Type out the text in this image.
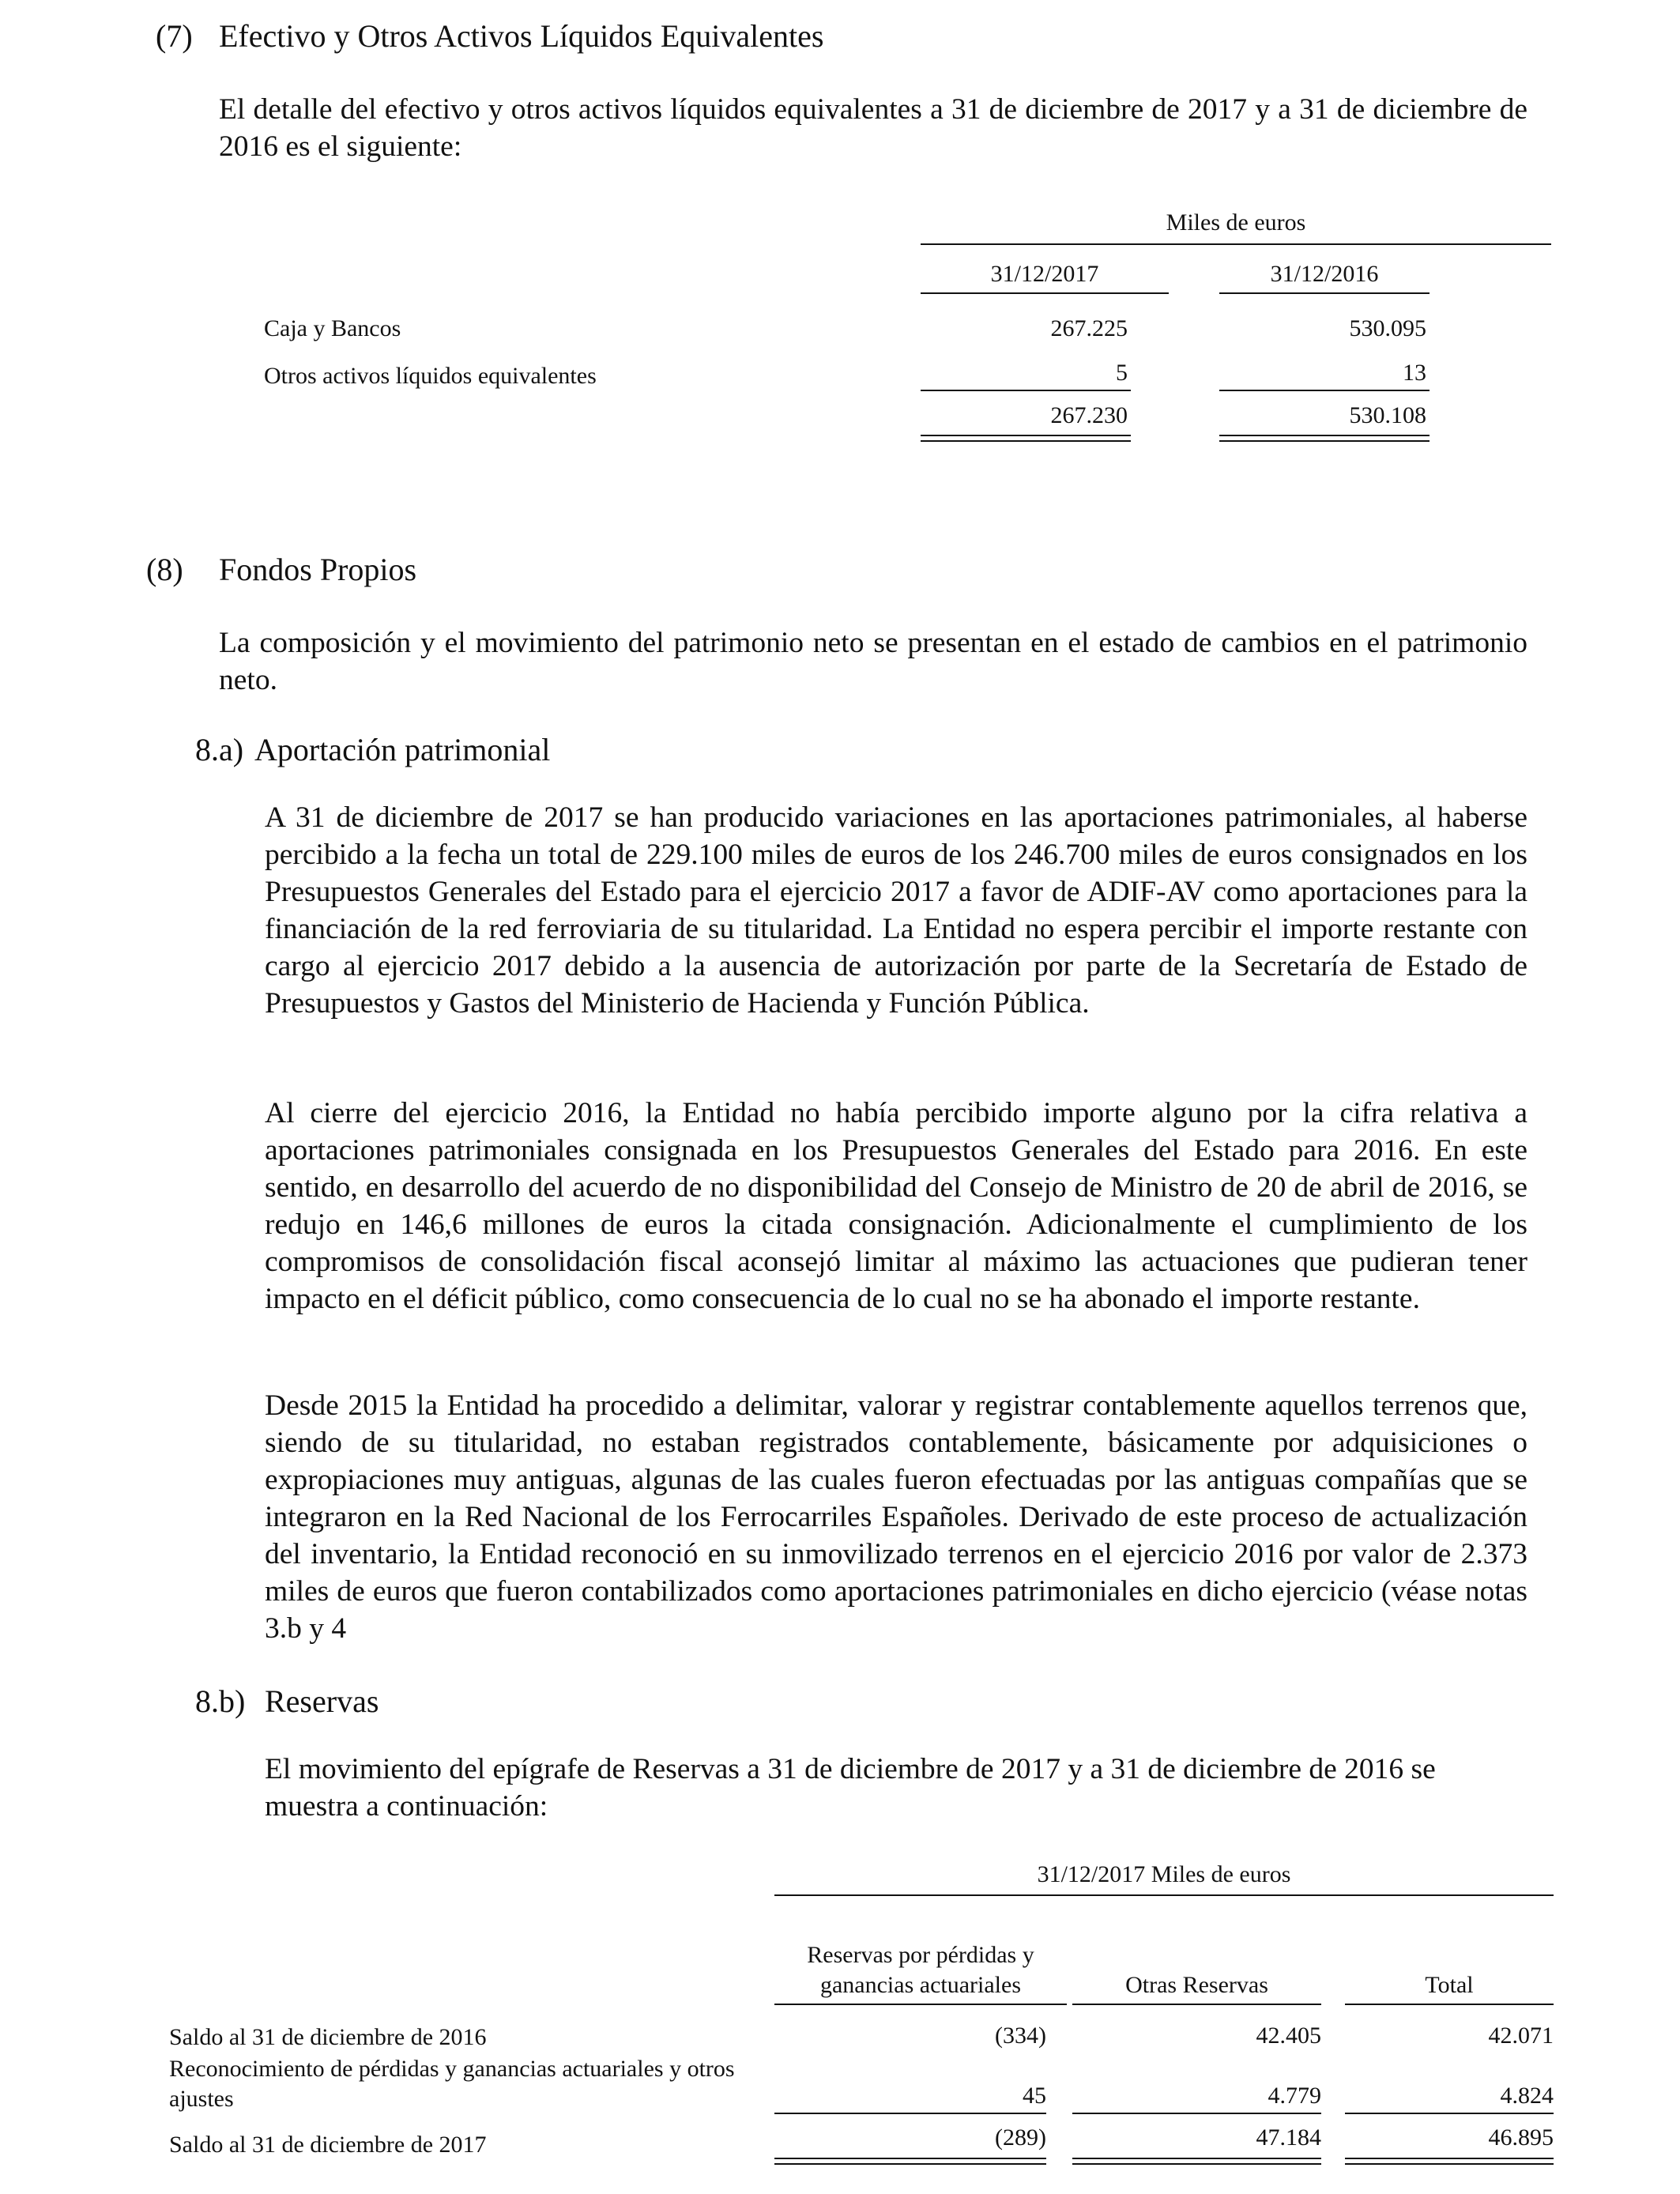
(7) Efectivo y Otros Activos Líquidos Equivalentes
El detalle del efectivo y otros activos líquidos equivalentes a 31 de diciembre de 2017 y a 31 de diciembre de 2016 es el siguiente:
Miles de euros
31/12/2017	31/12/2016
Caja y Bancos	267.225	530.095
Otros activos líquidos equivalentes	5	13
267.230	530.108
(8) Fondos Propios
La composición y el movimiento del patrimonio neto se presentan en el estado de cambios en el patrimonio neto.
8.a) Aportación patrimonial
A 31 de diciembre de 2017 se han producido variaciones en las aportaciones patrimoniales, al haberse percibido a la fecha un total de 229.100 miles de euros de los 246.700 miles de euros consignados en los Presupuestos Generales del Estado para el ejercicio 2017 a favor de ADIF-AV como aportaciones para la financiación de la red ferroviaria de su titularidad. La Entidad no espera percibir el importe restante con cargo al ejercicio 2017 debido a la ausencia de autorización por parte de la Secretaría de Estado de Presupuestos y Gastos del Ministerio de Hacienda y Función Pública.
Al cierre del ejercicio 2016, la Entidad no había percibido importe alguno por la cifra relativa a aportaciones patrimoniales consignada en los Presupuestos Generales del Estado para 2016. En este sentido, en desarrollo del acuerdo de no disponibilidad del Consejo de Ministro de 20 de abril de 2016, se redujo en 146,6 millones de euros la citada consignación. Adicionalmente el cumplimiento de los compromisos de consolidación fiscal aconsejó limitar al máximo las actuaciones que pudieran tener impacto en el déficit público, como consecuencia de lo cual no se ha abonado el importe restante.
Desde 2015 la Entidad ha procedido a delimitar, valorar y registrar contablemente aquellos terrenos que, siendo de su titularidad, no estaban registrados contablemente, básicamente por adquisiciones o expropiaciones muy antiguas, algunas de las cuales fueron efectuadas por las antiguas compañías que se integraron en la Red Nacional de los Ferrocarriles Españoles. Derivado de este proceso de actualización del inventario, la Entidad reconoció en su inmovilizado terrenos en el ejercicio 2016 por valor de 2.373 miles de euros que fueron contabilizados como aportaciones patrimoniales en dicho ejercicio (véase notas 3.b y 4
8.b) Reservas
El movimiento del epígrafe de Reservas a 31 de diciembre de 2017 y a 31 de diciembre de 2016 se muestra a continuación:
31/12/2017 Miles de euros
Reservas por pérdidas y ganancias actuariales	Otras Reservas	Total
Saldo al 31 de diciembre de 2016	(334)	42.405	42.071
Reconocimiento de pérdidas y ganancias actuariales y otros ajustes	45	4.779	4.824
Saldo al 31 de diciembre de 2017	(289)	47.184	46.895
